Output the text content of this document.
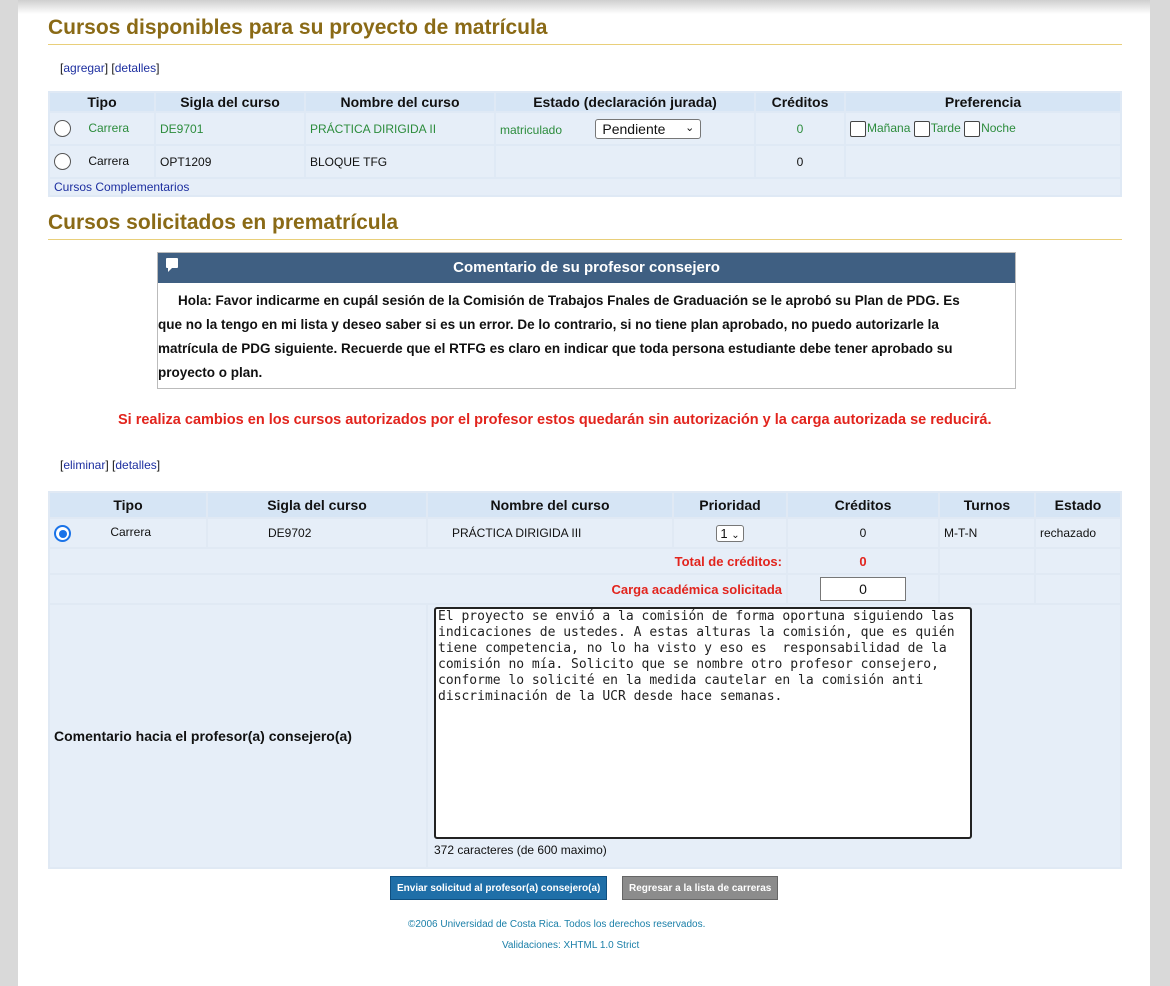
Cursos disponibles para su proyecto de matrícula
[agregar] [detalles]
Tipo	Sigla del curso	Nombre del curso	Estado (declaración jurada)	Créditos	Preferencia
Carrera	DE9701	PRÁCTICA DIRIGIDA II	matriculado Pendiente ⌄	0	Mañana Tarde Noche
Carrera	OPT1209	BLOQUE TFG		0	
Cursos Complementarios					
Cursos solicitados en prematrícula
Comentario de su profesor consejero
Hola: Favor indicarme en cupál sesión de la Comisión de Trabajos Fnales de Graduación se le aprobó su Plan de PDG. Es
que no la tengo en mi lista y deseo saber si es un error. De lo contrario, si no tiene plan aprobado, no puedo autorizarle la
matrícula de PDG siguiente. Recuerde que el RTFG es claro en indicar que toda persona estudiante debe tener aprobado su
proyecto o plan.
Si realiza cambios en los cursos autorizados por el profesor estos quedarán sin autorización y la carga autorizada se reducirá.
[eliminar] [detalles]
Tipo	Sigla del curso	Nombre del curso	Prioridad	Créditos	Turnos	Estado
Carrera	DE9702	PRÁCTICA DIRIGIDA III	1 ⌄	0	M-T-N	rechazado
Total de créditos:				0		
Carga académica solicitada				0		
Comentario hacia el profesor(a) consejero(a)	
El proyecto se envió a la comisión de forma oportuna siguiendo las indicaciones de ustedes. A estas alturas la comisión, que es quién tiene competencia, no lo ha visto y eso es responsabilidad de la comisión no mía. Solicito que se nombre otro profesor consejero, conforme lo solicité en la medida cautelar en la comisión anti discriminación de la UCR desde hace semanas.
372 caracteres (de 600 maximo)
Enviar solicitud al profesor(a) consejero(a)	Regresar a la lista de carreras
©2006 Universidad de Costa Rica. Todos los derechos reservados.
Validaciones: XHTML 1.0 Strict
